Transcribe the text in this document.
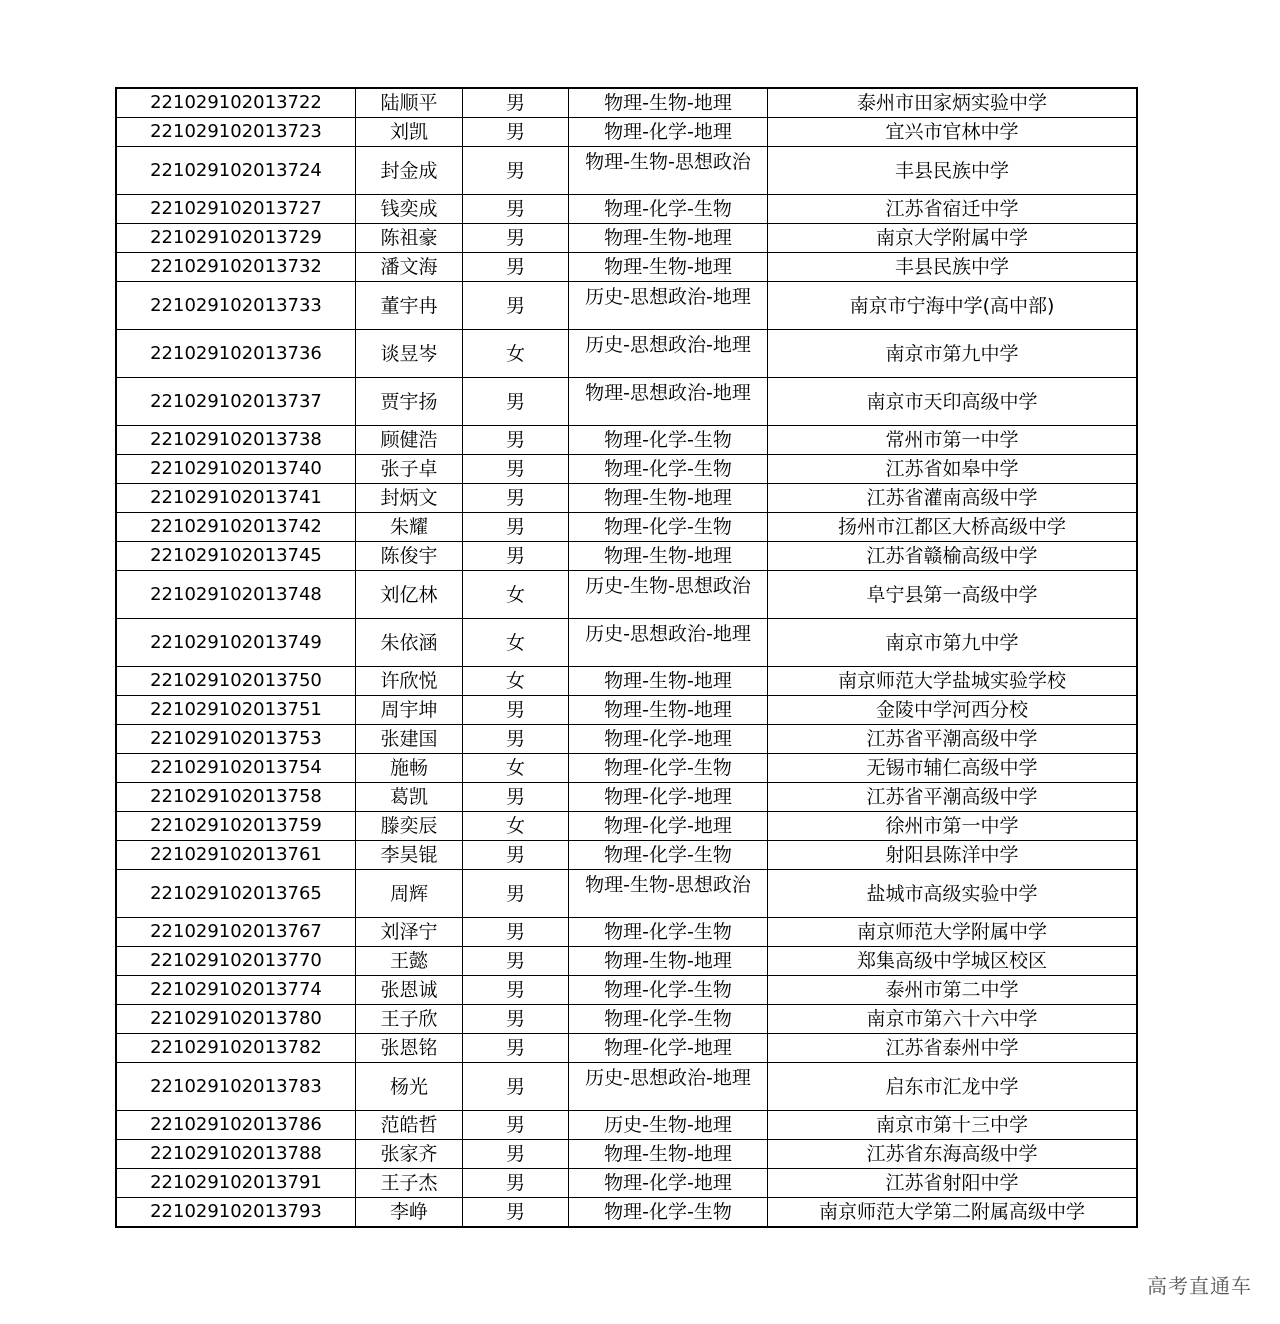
221029102013722	陆顺平	男	物理-生物-地理	泰州市田家炳实验中学
221029102013723	刘凯	男	物理-化学-地理	宜兴市官林中学
221029102013724	封金成	男	物理-生物-思想政治	丰县民族中学
221029102013727	钱奕成	男	物理-化学-生物	江苏省宿迁中学
221029102013729	陈祖豪	男	物理-生物-地理	南京大学附属中学
221029102013732	潘文海	男	物理-生物-地理	丰县民族中学
221029102013733	董宇冉	男	历史-思想政治-地理	南京市宁海中学(高中部)
221029102013736	谈昱岑	女	历史-思想政治-地理	南京市第九中学
221029102013737	贾宇扬	男	物理-思想政治-地理	南京市天印高级中学
221029102013738	顾健浩	男	物理-化学-生物	常州市第一中学
221029102013740	张子卓	男	物理-化学-生物	江苏省如皋中学
221029102013741	封炳文	男	物理-生物-地理	江苏省灌南高级中学
221029102013742	朱耀	男	物理-化学-生物	扬州市江都区大桥高级中学
221029102013745	陈俊宇	男	物理-生物-地理	江苏省赣榆高级中学
221029102013748	刘亿林	女	历史-生物-思想政治	阜宁县第一高级中学
221029102013749	朱依涵	女	历史-思想政治-地理	南京市第九中学
221029102013750	许欣悦	女	物理-生物-地理	南京师范大学盐城实验学校
221029102013751	周宇坤	男	物理-生物-地理	金陵中学河西分校
221029102013753	张建国	男	物理-化学-地理	江苏省平潮高级中学
221029102013754	施畅	女	物理-化学-生物	无锡市辅仁高级中学
221029102013758	葛凯	男	物理-化学-地理	江苏省平潮高级中学
221029102013759	滕奕辰	女	物理-化学-地理	徐州市第一中学
221029102013761	李昊锟	男	物理-化学-生物	射阳县陈洋中学
221029102013765	周辉	男	物理-生物-思想政治	盐城市高级实验中学
221029102013767	刘泽宁	男	物理-化学-生物	南京师范大学附属中学
221029102013770	王懿	男	物理-生物-地理	郑集高级中学城区校区
221029102013774	张恩诚	男	物理-化学-生物	泰州市第二中学
221029102013780	王子欣	男	物理-化学-生物	南京市第六十六中学
221029102013782	张恩铭	男	物理-化学-地理	江苏省泰州中学
221029102013783	杨光	男	历史-思想政治-地理	启东市汇龙中学
221029102013786	范皓哲	男	历史-生物-地理	南京市第十三中学
221029102013788	张家齐	男	物理-生物-地理	江苏省东海高级中学
221029102013791	王子杰	男	物理-化学-地理	江苏省射阳中学
221029102013793	李峥	男	物理-化学-生物	南京师范大学第二附属高级中学
高考直通车
